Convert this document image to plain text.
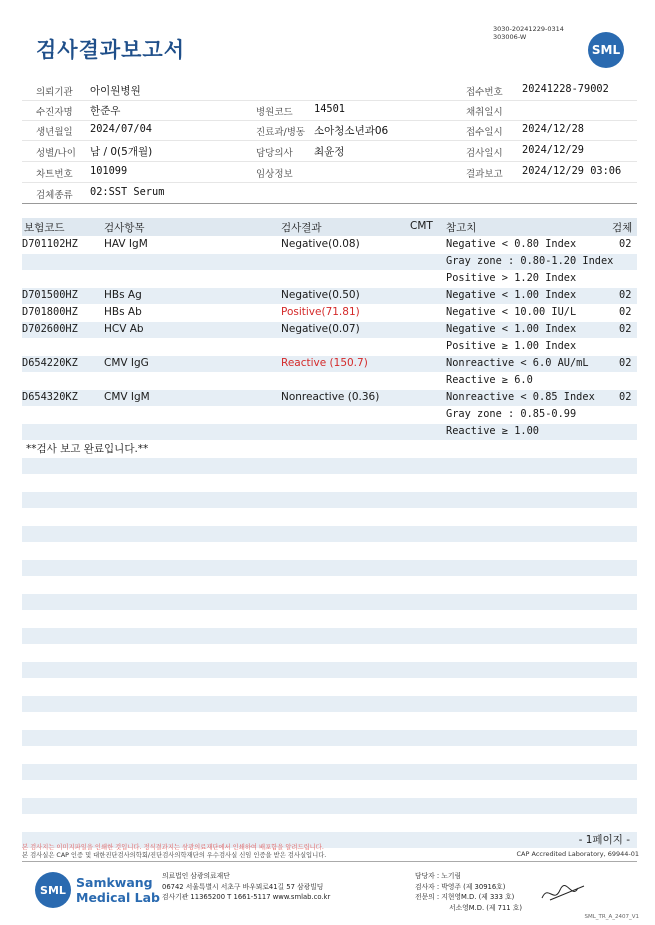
검사결과보고서
3030-20241229-0314
303006-W
SML
의뢰기관 아이원병원	접수번호 20241228-79002
수진자명 한준우	병원코드 14501	채취일시
생년월일 2024/07/04	진료과/병동 소아청소년과06	접수일시 2024/12/28
성별/나이 남 / 0(5개월)	담당의사 최윤정	검사일시 2024/12/29
차트번호 101099	임상정보	결과보고 2024/12/29 03:06
검체종류 02:SST Serum
보험코드	검사항목	검사결과	CMT 참고치	검체
D701102HZ HAV IgM	Negative(0.08)	Negative < 0.80 Index	02
Gray zone : 0.80-1.20 Index
Positive > 1.20 Index
D701500HZ HBs Ag	Negative(0.50)	Negative < 1.00 Index	02
D701800HZ HBs Ab	Positive(71.81)	Negative < 10.00 IU/L	02
D702600HZ HCV Ab	Negative(0.07)	Negative < 1.00 Index	02
Positive ≥ 1.00 Index
D654220KZ CMV IgG	Reactive (150.7)	Nonreactive < 6.0 AU/mL	02
Reactive ≥ 6.0
D654320KZ CMV IgM	Nonreactive (0.36)	Nonreactive < 0.85 Index 02
Gray zone : 0.85-0.99
Reactive ≥ 1.00
**검사 보고 완료입니다.**
- 1페이지 -
본 검사지는 이미지파일을 인쇄한 것입니다. 정식결과지는 삼광의료재단에서 인쇄하여 배포함을 알려드립니다.
본 검사실은 CAP 인증 및 대한진단검사의학회/진단검사의학재단의 우수검사실 신임 인증을 받은 검사실입니다.	CAP Accredited Laboratory, 69944-01
SML Samkwang
Medical Lab
의료법인 삼광의료재단
06742 서울특별시 서초구 바우뫼로41길 57 삼광빌딩
검사기관 11365200 T 1661-5117 www.smlab.co.kr
담당자 : 노기림
검사자 : 박영주 (제 30916호)
전문의 : 지현영M.D. (제 333 호)
서소영M.D. (제 711 호)
SML_TR_A_2407_V1
